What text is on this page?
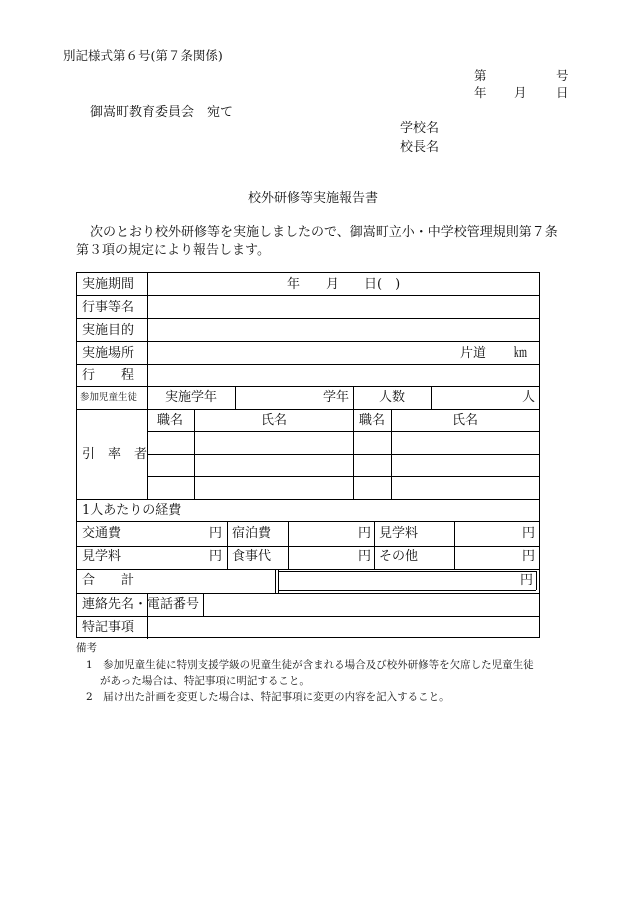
別記様式第６号(第７条関係)
第	号
年 月 日
御嵩町教育委員会　宛て
学校名
校長名
校外研修等実施報告書
次のとおり校外研修等を実施しましたので、御嵩町立小・中学校管理規則第７条
第３項の規定により報告します。
実施期間	年 月 日(　)
行事等名
実施目的
実施場所	片道 ㎞
行　　程
参加児童生徒 実施学年	学年 人数	人
引　率　者
職名	氏名	職名	氏名
1人あたりの経費
交通費	円 宿泊費	円 見学料	円
見学料	円 食事代	円 その他	円
合　　計	円
連絡先名・電話番号
特記事項
備考
1　参加児童生徒に特別支援学級の児童生徒が含まれる場合及び校外研修等を欠席した児童生徒
があった場合は、特記事項に明記すること。
2　届け出た計画を変更した場合は、特記事項に変更の内容を記入すること。
